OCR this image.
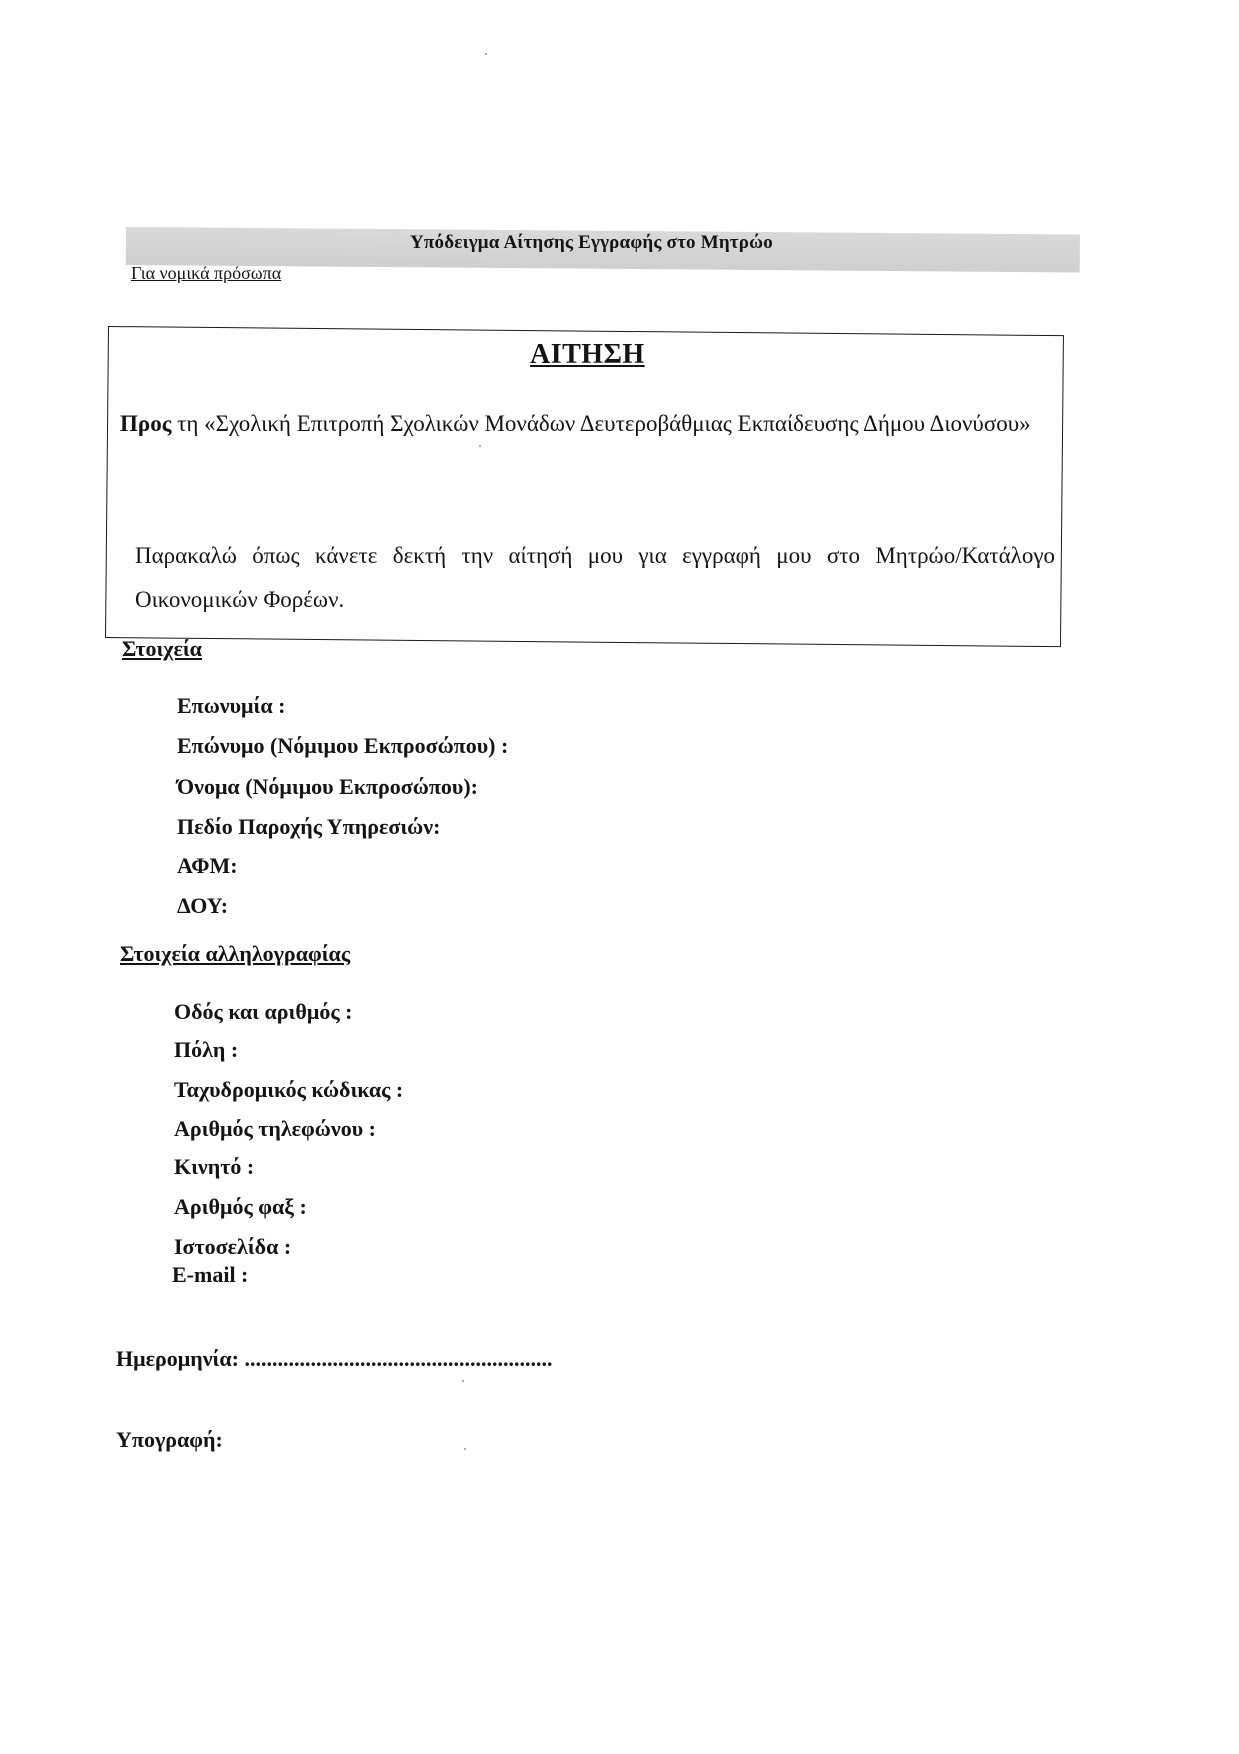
Υπόδειγμα Αίτησης Εγγραφής στο Μητρώο
Για νομικά πρόσωπα
ΑΙΤΗΣΗ
Προς τη «Σχολική Επιτροπή Σχολικών Μονάδων Δευτεροβάθμιας Εκπαίδευσης Δήμου Διονύσου»
Παρακαλώ όπως κάνετε δεκτή την αίτησή μου για εγγραφή μου στο Μητρώο/Κατάλογο Οικονομικών Φορέων.
Στοιχεία
Επωνυμία :
Επώνυμο (Νόμιμου Εκπροσώπου) :
Όνομα (Νόμιμου Εκπροσώπου):
Πεδίο Παροχής Υπηρεσιών:
ΑΦΜ:
ΔΟΥ:
Στοιχεία αλληλογραφίας
Οδός και αριθμός :
Πόλη :
Ταχυδρομικός κώδικας :
Αριθμός τηλεφώνου :
Κινητό :
Αριθμός φαξ :
Ιστοσελίδα :
E-mail :
Ημερομηνία: ........................................................
Υπογραφή:
